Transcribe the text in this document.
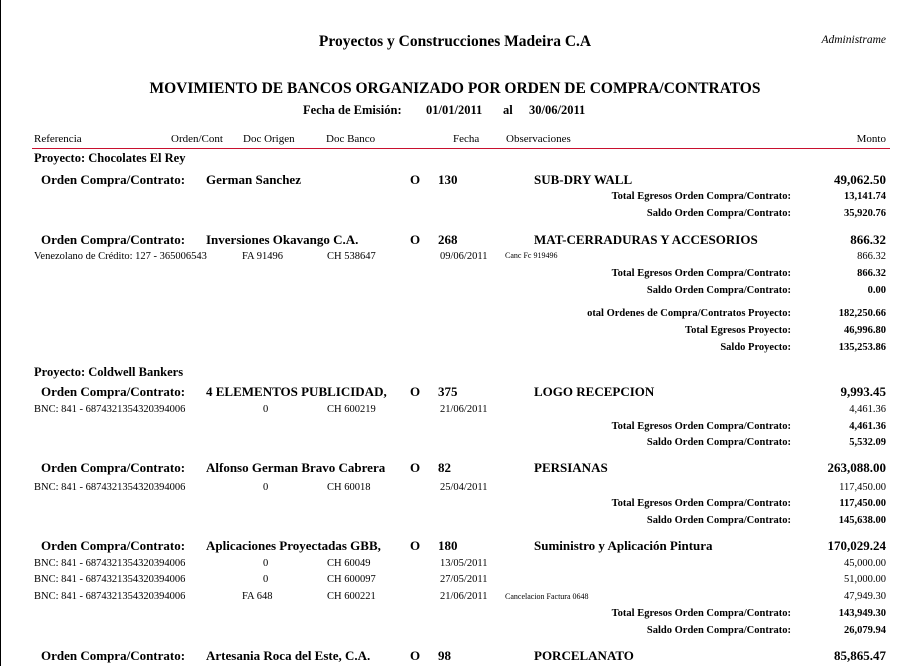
Proyectos y Construcciones Madeira C.A	Administrame
MOVIMIENTO DE BANCOS ORGANIZADO POR ORDEN DE COMPRA/CONTRATOS
Fecha de Emisión: 01/01/2011 al 30/06/2011
Referencia	Orden/Cont Doc Origen	Doc Banco	Fecha Observaciones	Monto
Proyecto: Chocolates El Rey
Orden Compra/Contrato: German Sanchez	O 130	SUB-DRY WALL	49,062.50
Total Egresos Orden Compra/Contrato:	13,141.74
Saldo Orden Compra/Contrato:	35,920.76
Orden Compra/Contrato: Inversiones Okavango C.A.	O 268	MAT-CERRADURAS Y ACCESORIOS	866.32
Venezolano de Crédito: 127 - 365006543	FA 91496	CH 538647	09/06/2011 Canc Fc 919496	866.32
Total Egresos Orden Compra/Contrato:	866.32
Saldo Orden Compra/Contrato:	0.00
otal Ordenes de Compra/Contratos Proyecto:	182,250.66
Total Egresos Proyecto:	46,996.80
Saldo Proyecto:	135,253.86
Proyecto: Coldwell Bankers
Orden Compra/Contrato: 4 ELEMENTOS PUBLICIDAD, O 375	LOGO RECEPCION	9,993.45
BNC: 841 - 6874321354320394006	0	CH 600219	21/06/2011	4,461.36
Total Egresos Orden Compra/Contrato:	4,461.36
Saldo Orden Compra/Contrato:	5,532.09
Orden Compra/Contrato: Alfonso German Bravo Cabrera O 82	PERSIANAS	263,088.00
BNC: 841 - 6874321354320394006	0	CH 60018	25/04/2011	117,450.00
Total Egresos Orden Compra/Contrato:	117,450.00
Saldo Orden Compra/Contrato:	145,638.00
Orden Compra/Contrato: Aplicaciones Proyectadas GBB, O 180	Suministro y Aplicación Pintura	170,029.24
BNC: 841 - 6874321354320394006	0	CH 60049	13/05/2011	45,000.00
BNC: 841 - 6874321354320394006	0	CH 600097	27/05/2011	51,000.00
BNC: 841 - 6874321354320394006	FA 648	CH 600221	21/06/2011 Cancelacion Factura 0648	47,949.30
Total Egresos Orden Compra/Contrato:	143,949.30
Saldo Orden Compra/Contrato:	26,079.94
Orden Compra/Contrato: Artesania Roca del Este, C.A.	O 98	PORCELANATO	85,865.47
